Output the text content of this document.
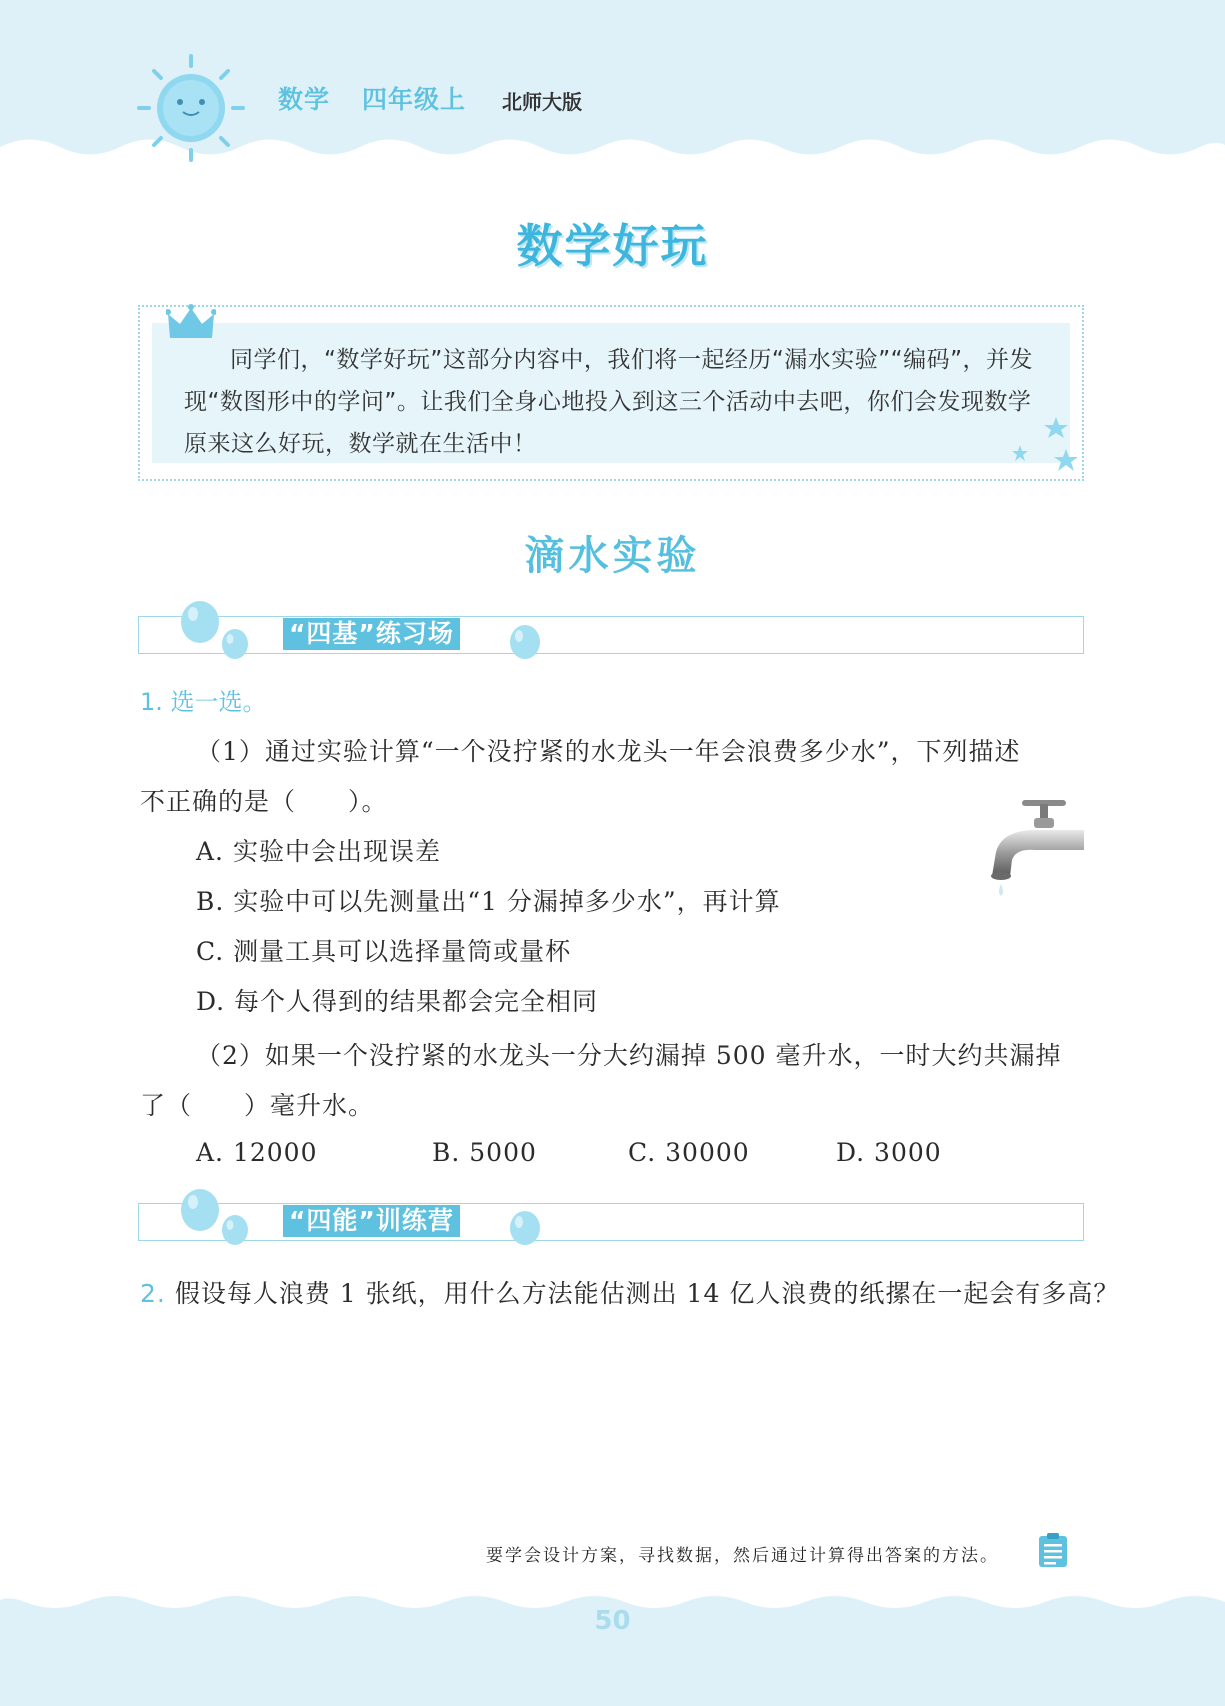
数学 四年级上 北师大版
数学好玩
同学们，“数学好玩”这部分内容中，我们将一起经历“漏水实验”“编码”，并发现“数图形中的学问”。让我们全身心地投入到这三个活动中去吧，你们会发现数学原来这么好玩，数学就在生活中！
滴水实验
“四基”练习场
1. 选一选。
（1）通过实验计算“一个没拧紧的水龙头一年会浪费多少水”，下列描述
不正确的是（　　）。
A. 实验中会出现误差
B. 实验中可以先测量出“1 分漏掉多少水”，再计算
C. 测量工具可以选择量筒或量杯
D. 每个人得到的结果都会完全相同
（2）如果一个没拧紧的水龙头一分大约漏掉 500 毫升水，一时大约共漏掉
了（　　）毫升水。
A. 12000	B. 5000	C. 30000	D. 3000
“四能”训练营
2. 假设每人浪费 1 张纸，用什么方法能估测出 14 亿人浪费的纸摞在一起会有多高？
要学会设计方案，寻找数据，然后通过计算得出答案的方法。
50
